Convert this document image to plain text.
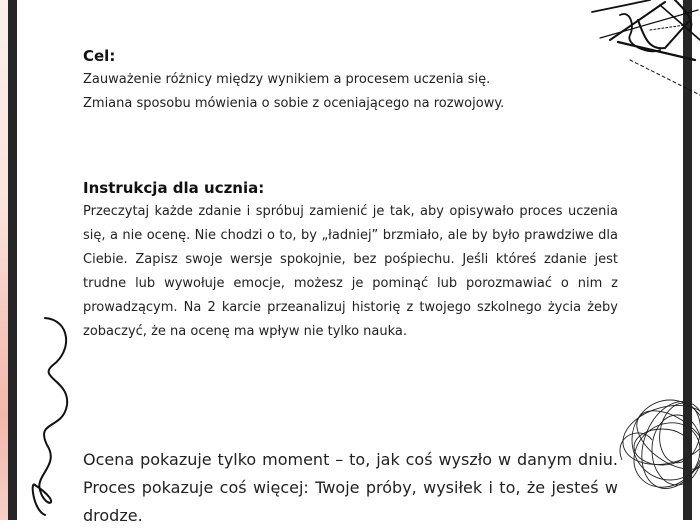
Cel:

Zauważenie różnicy między wynikiem a procesem uczenia się.

Zmiana sposobu mówienia o sobie z oceniającego na rozwojowy.

Instrukcja dla ucznia:

Przeczytaj każde zdanie i spróbuj zamienić je tak, aby opisywało proces uczenia się, a nie ocenę. Nie chodzi o to, by „ładniej” brzmiało, ale by było prawdziwe dla Ciebie. Zapisz swoje wersje spokojnie, bez pośpiechu. Jeśli któreś zdanie jest trudne lub wywołuje emocje, możesz je pominąć lub porozmawiać o nim z prowadzącym. Na 2 karcie przeanalizuj historię z twojego szkolnego życia żeby zobaczyć, że na ocenę ma wpływ nie tylko nauka.

Ocena pokazuje tylko moment – to, jak coś wyszło w danym dniu. Proces pokazuje coś więcej: Twoje próby, wysiłek i to, że jesteś w drodze.
